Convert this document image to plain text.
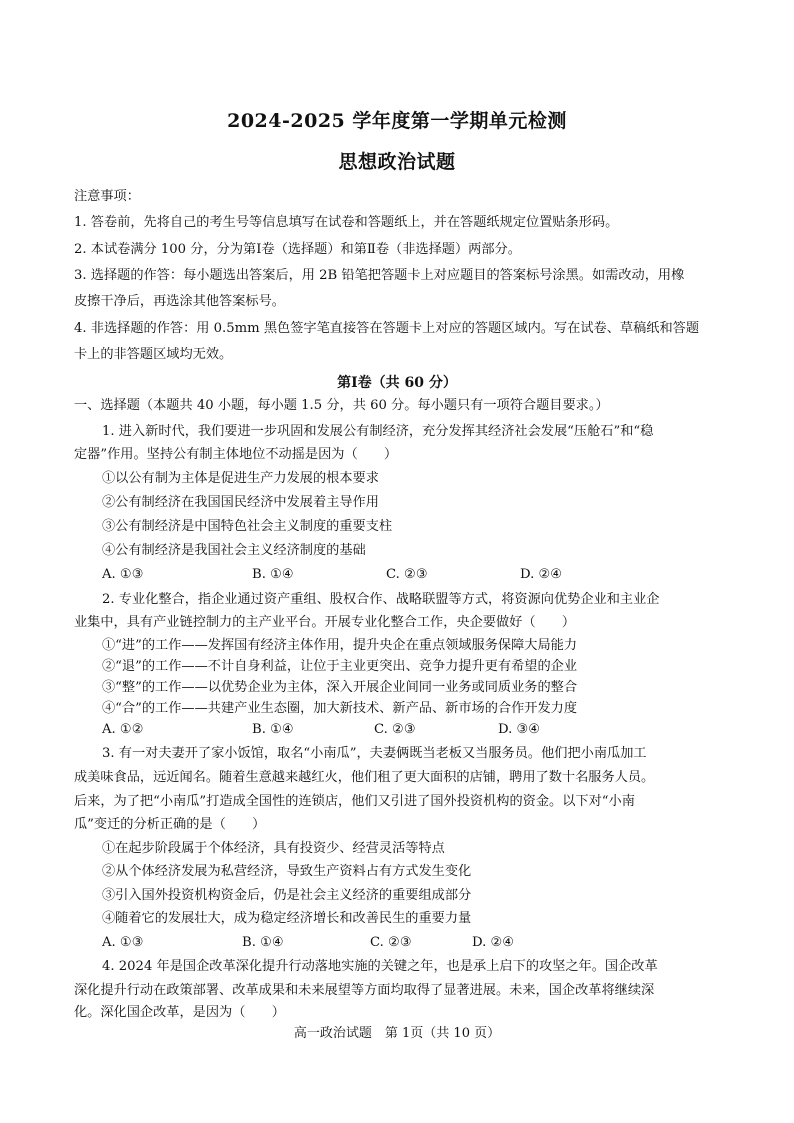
2024-2025 学年度第一学期单元检测
思想政治试题
注意事项：
1. 答卷前，先将自己的考生号等信息填写在试卷和答题纸上，并在答题纸规定位置贴条形码。
2. 本试卷满分 100 分，分为第Ⅰ卷（选择题）和第Ⅱ卷（非选择题）两部分。
3. 选择题的作答：每小题选出答案后，用 2B 铅笔把答题卡上对应题目的答案标号涂黑。如需改动，用橡
皮擦干净后，再选涂其他答案标号。
4. 非选择题的作答：用 0.5mm 黑色签字笔直接答在答题卡上对应的答题区域内。写在试卷、草稿纸和答题
卡上的非答题区域均无效。
第Ⅰ卷（共 60 分）
一、选择题（本题共 40 小题，每小题 1.5 分，共 60 分。每小题只有一项符合题目要求。）
1. 进入新时代，我们要进一步巩固和发展公有制经济，充分发挥其经济社会发展“压舱石”和“稳
定器”作用。坚持公有制主体地位不动摇是因为（　　）
①以公有制为主体是促进生产力发展的根本要求
②公有制经济在我国国民经济中发展着主导作用
③公有制经济是中国特色社会主义制度的重要支柱
④公有制经济是我国社会主义经济制度的基础
A. ①③	B. ①④	C. ②③	D. ②④
2. 专业化整合，指企业通过资产重组、股权合作、战略联盟等方式，将资源向优势企业和主业企
业集中，具有产业链控制力的主产业平台。开展专业化整合工作，央企要做好（　　）
①“进”的工作——发挥国有经济主体作用，提升央企在重点领域服务保障大局能力
②“退”的工作——不计自身利益，让位于主业更突出、竞争力提升更有希望的企业
③“整”的工作——以优势企业为主体，深入开展企业间同一业务或同质业务的整合
④“合”的工作——共建产业生态圈，加大新技术、新产品、新市场的合作开发力度
A. ①②	B. ①④	C. ②③	D. ③④
3. 有一对夫妻开了家小饭馆，取名“小南瓜”，夫妻俩既当老板又当服务员。他们把小南瓜加工
成美味食品，远近闻名。随着生意越来越红火，他们租了更大面积的店铺，聘用了数十名服务人员。
后来，为了把“小南瓜”打造成全国性的连锁店，他们又引进了国外投资机构的资金。以下对“小南
瓜”变迁的分析正确的是（　　）
①在起步阶段属于个体经济，具有投资少、经营灵活等特点
②从个体经济发展为私营经济，导致生产资料占有方式发生变化
③引入国外投资机构资金后，仍是社会主义经济的重要组成部分
④随着它的发展壮大，成为稳定经济增长和改善民生的重要力量
A. ①③	B. ①④	C. ②③	D. ②④
4. 2024 年是国企改革深化提升行动落地实施的关键之年，也是承上启下的攻坚之年。国企改革
深化提升行动在政策部署、改革成果和未来展望等方面均取得了显著进展。未来，国企改革将继续深
化。深化国企改革，是因为（　　）
高一政治试题　第 1页（共 10 页）
